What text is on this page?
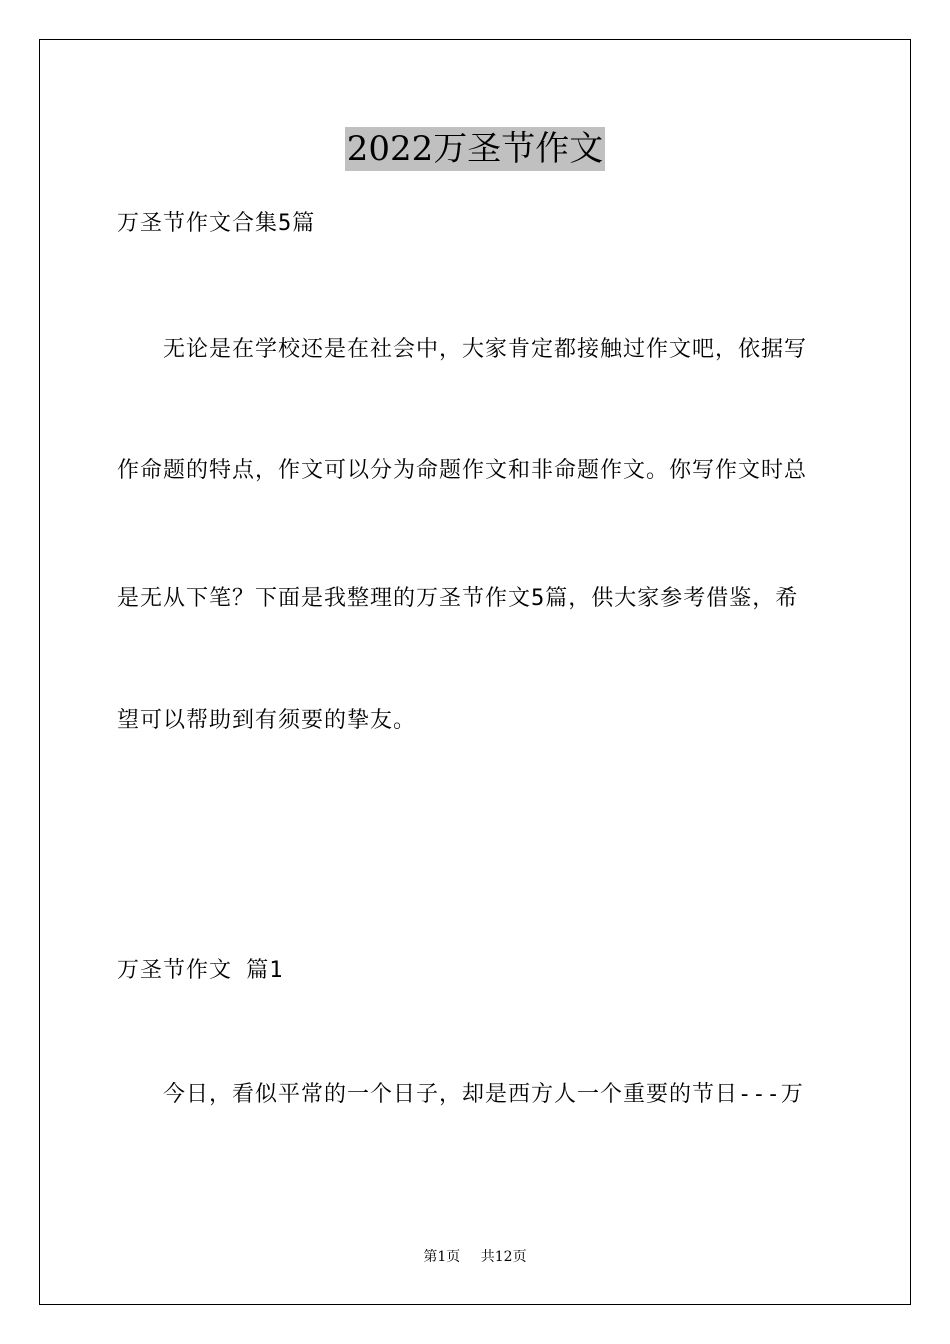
2022万圣节作文
万圣节作文合集5篇
无论是在学校还是在社会中，大家肯定都接触过作文吧，依据写
作命题的特点，作文可以分为命题作文和非命题作文。你写作文时总
是无从下笔？下面是我整理的万圣节作文5篇，供大家参考借鉴，希
望可以帮助到有须要的挚友。
万圣节作文 篇1
今日，看似平常的一个日子，却是西方人一个重要的节日---万
第1页 共12页
